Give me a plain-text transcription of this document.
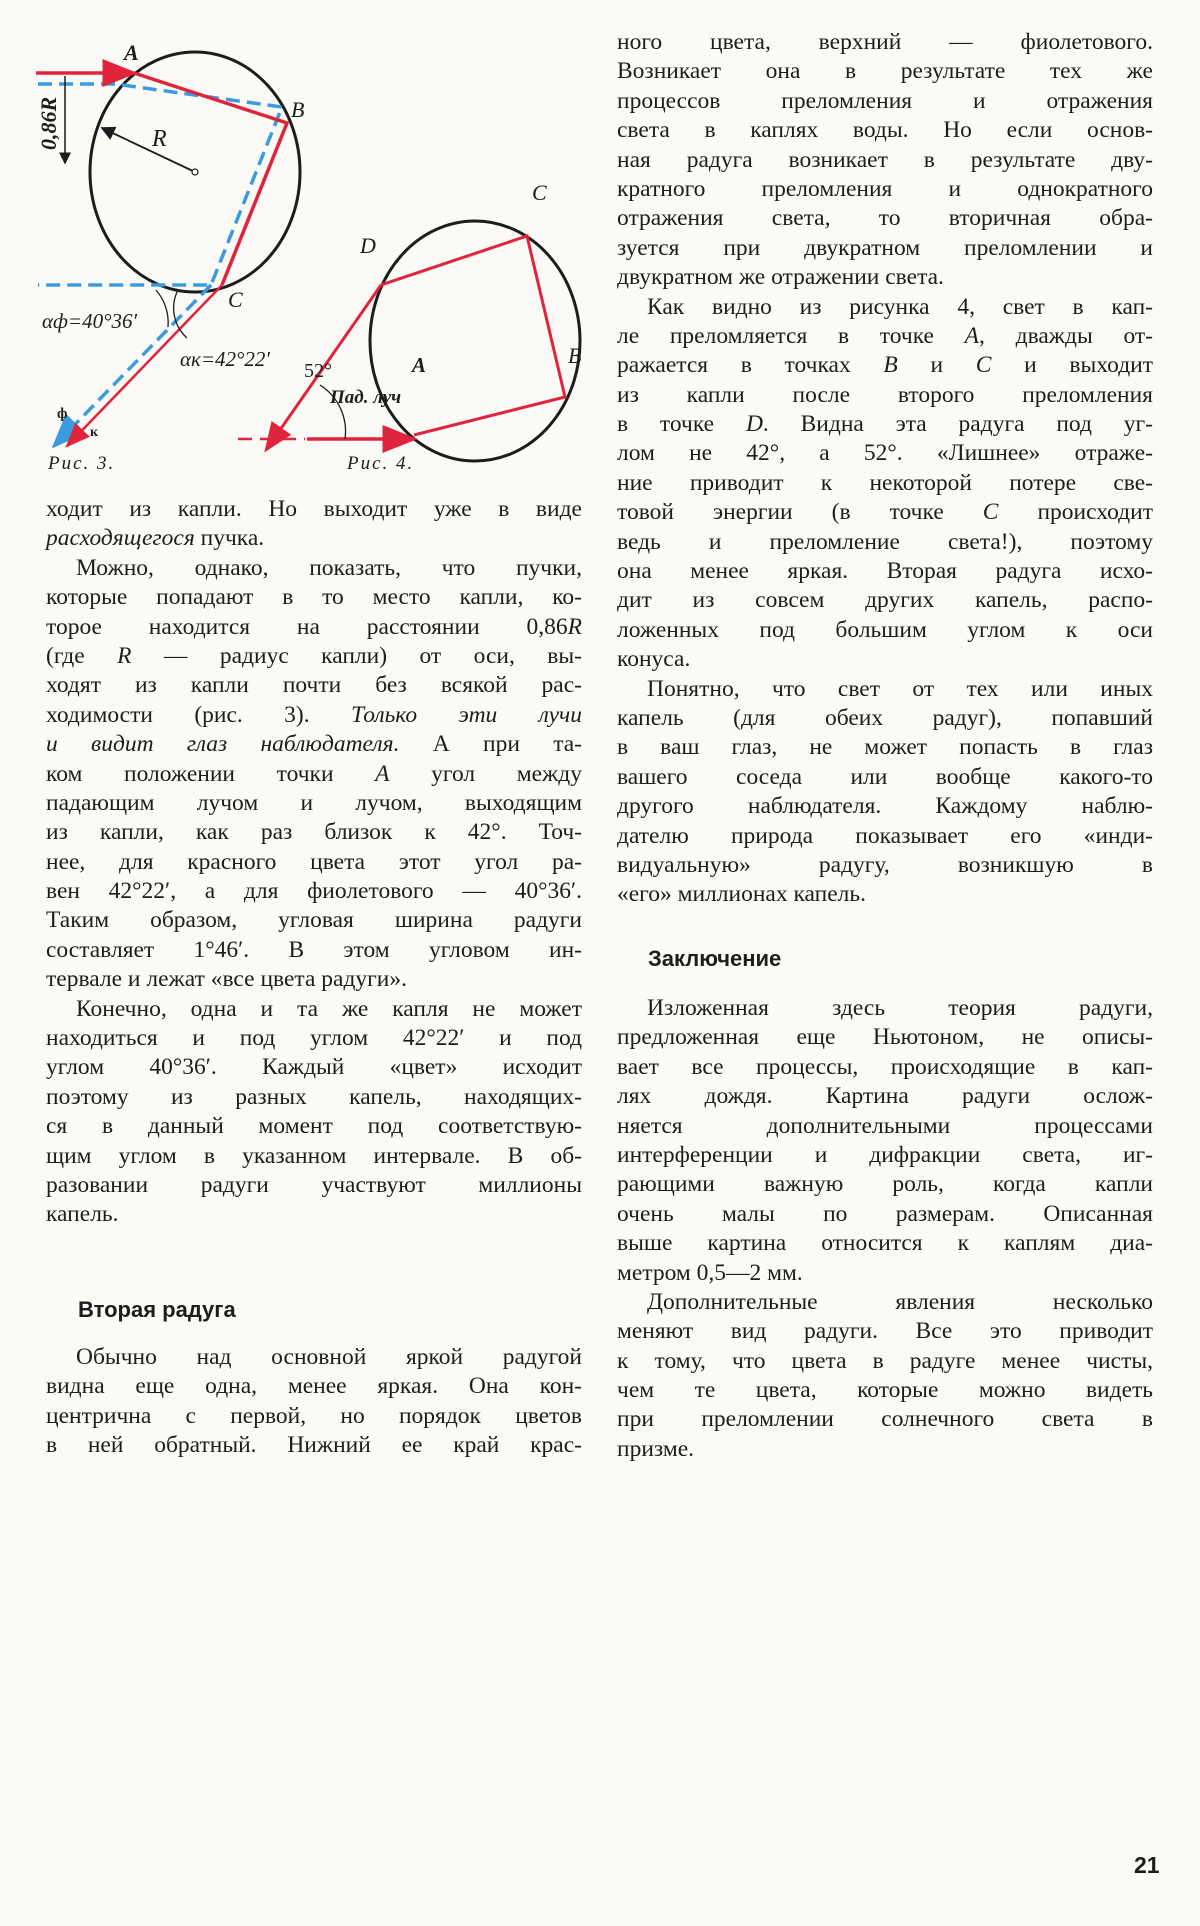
A
B
C
R
0,86R
αф=40°36′
αк=42°22′
ф
к
Рис. 3.
C
D
B
A
52°
Пад. луч
Рис. 4.
ходит из капли. Но выходит уже в виде
расходящегося пучка.
Можно, однако, показать, что пучки,
которые попадают в то место капли, ко-
торое находится на расстоянии 0,86R
(где R — радиус капли) от оси, вы-
ходят из капли почти без всякой рас-
ходимости (рис. 3). Только эти лучи
и видит глаз наблюдателя. А при та-
ком положении точки A угол между
падающим лучом и лучом, выходящим
из капли, как раз близок к 42°. Точ-
нее, для красного цвета этот угол ра-
вен 42°22′, а для фиолетового — 40°36′.
Таким образом, угловая ширина радуги
составляет 1°46′. В этом угловом ин-
тервале и лежат «все цвета радуги».
Конечно, одна и та же капля не может
находиться и под углом 42°22′ и под
углом 40°36′. Каждый «цвет» исходит
поэтому из разных капель, находящих-
ся в данный момент под соответствую-
щим углом в указанном интервале. В об-
разовании радуги участвуют миллионы
капель.
Вторая радуга
Обычно над основной яркой радугой
видна еще одна, менее яркая. Она кон-
центрична с первой, но порядок цветов
в ней обратный. Нижний ее край крас-
ного цвета, верхний — фиолетового.
Возникает она в результате тех же
процессов преломления и отражения
света в каплях воды. Но если основ-
ная радуга возникает в результате дву-
кратного преломления и однократного
отражения света, то вторичная обра-
зуется при двукратном преломлении и
двукратном же отражении света.
Как видно из рисунка 4, свет в кап-
ле преломляется в точке A, дважды от-
ражается в точках B и C и выходит
из капли после второго преломления
в точке D. Видна эта радуга под уг-
лом не 42°, а 52°. «Лишнее» отраже-
ние приводит к некоторой потере све-
товой энергии (в точке C происходит
ведь и преломление света!), поэтому
она менее яркая. Вторая радуга исхо-
дит из совсем других капель, распо-
ложенных под большим углом к оси
конуса.
Понятно, что свет от тех или иных
капель (для обеих радуг), попавший
в ваш глаз, не может попасть в глаз
вашего соседа или вообще какого-то
другого наблюдателя. Каждому наблю-
дателю природа показывает его «инди-
видуальную» радугу, возникшую в
«его» миллионах капель.
Заключение
Изложенная здесь теория радуги,
предложенная еще Ньютоном, не описы-
вает все процессы, происходящие в кап-
лях дождя. Картина радуги ослож-
няется дополнительными процессами
интерференции и дифракции света, иг-
рающими важную роль, когда капли
очень малы по размерам. Описанная
выше картина относится к каплям диа-
метром 0,5—2 мм.
Дополнительные явления несколько
меняют вид радуги. Все это приводит
к тому, что цвета в радуге менее чисты,
чем те цвета, которые можно видеть
при преломлении солнечного света в
призме.
21
